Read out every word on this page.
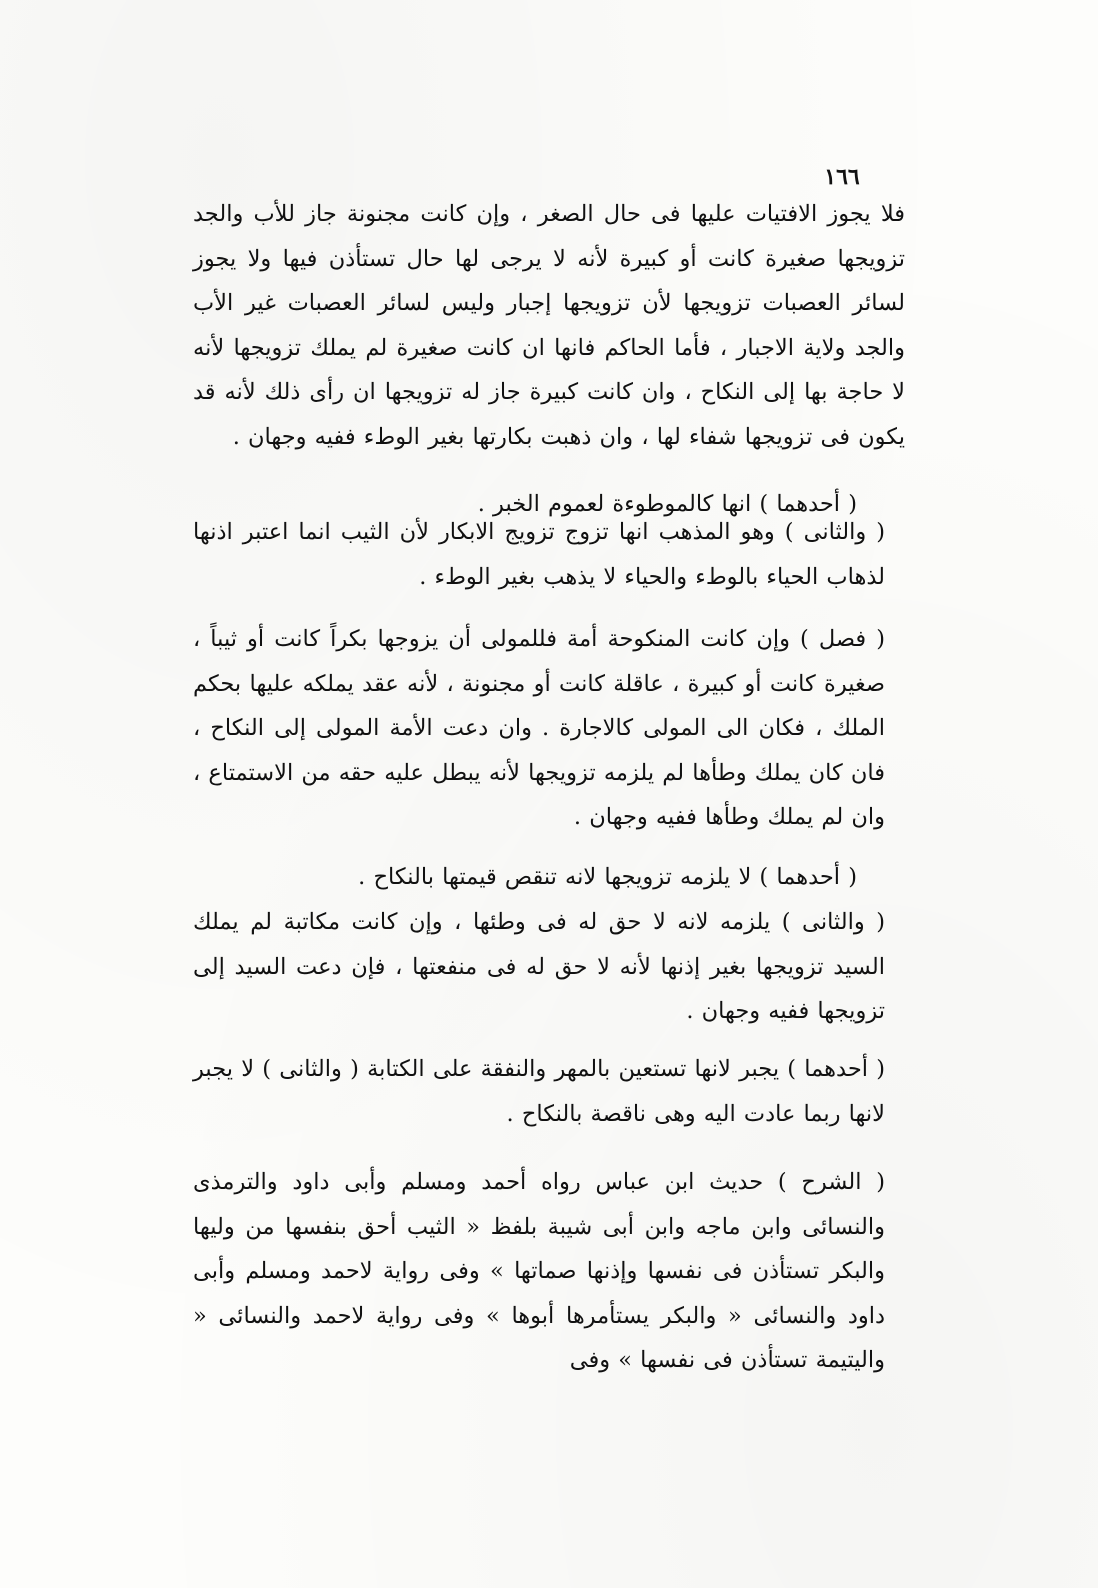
١٦٦

فلا يجوز الافتيات عليها فى حال الصغر ، وإن كانت مجنونة جاز للأب والجد تزويجها صغيرة كانت أو كبيرة لأنه لا يرجى لها حال تستأذن فيها ولا يجوز لسائر العصبات تزويجها لأن تزويجها إجبار وليس لسائر العصبات غير الأب والجد ولاية الاجبار ، فأما الحاكم فانها ان كانت صغيرة لم يملك تزويجها لأنه لا حاجة بها إلى النكاح ، وان كانت كبيرة جاز له تزويجها ان رأى ذلك لأنه قد يكون فى تزويجها شفاء لها ، وان ذهبت بكارتها بغير الوطء ففيه وجهان .

( أحدهما ) انها كالموطوءة لعموم الخبر .

( والثانى ) وهو المذهب انها تزوج تزويج الابكار لأن الثيب انما اعتبر اذنها لذهاب الحياء بالوطء والحياء لا يذهب بغير الوطء .

( فصل ) وإن كانت المنكوحة أمة فللمولى أن يزوجها بكراً كانت أو ثيباً ، صغيرة كانت أو كبيرة ، عاقلة كانت أو مجنونة ، لأنه عقد يملكه عليها بحكم الملك ، فكان الى المولى كالاجارة . وان دعت الأمة المولى إلى النكاح ، فان كان يملك وطأها لم يلزمه تزويجها لأنه يبطل عليه حقه من الاستمتاع ، وان لم يملك وطأها ففيه وجهان .

( أحدهما ) لا يلزمه تزويجها لانه تنقص قيمتها بالنكاح .

( والثانى ) يلزمه لانه لا حق له فى وطئها ، وإن كانت مكاتبة لم يملك السيد تزويجها بغير إذنها لأنه لا حق له فى منفعتها ، فإن دعت السيد إلى تزويجها ففيه وجهان .

( أحدهما ) يجبر لانها تستعين بالمهر والنفقة على الكتابة ( والثانى ) لا يجبر لانها ربما عادت اليه وهى ناقصة بالنكاح .

( الشرح ) حديث ابن عباس رواه أحمد ومسلم وأبى داود والترمذى والنسائى وابن ماجه وابن أبى شيبة بلفظ « الثيب أحق بنفسها من وليها والبكر تستأذن فى نفسها وإذنها صماتها » وفى رواية لاحمد ومسلم وأبى داود والنسائى « والبكر يستأمرها أبوها » وفى رواية لاحمد والنسائى « واليتيمة تستأذن فى نفسها » وفى
